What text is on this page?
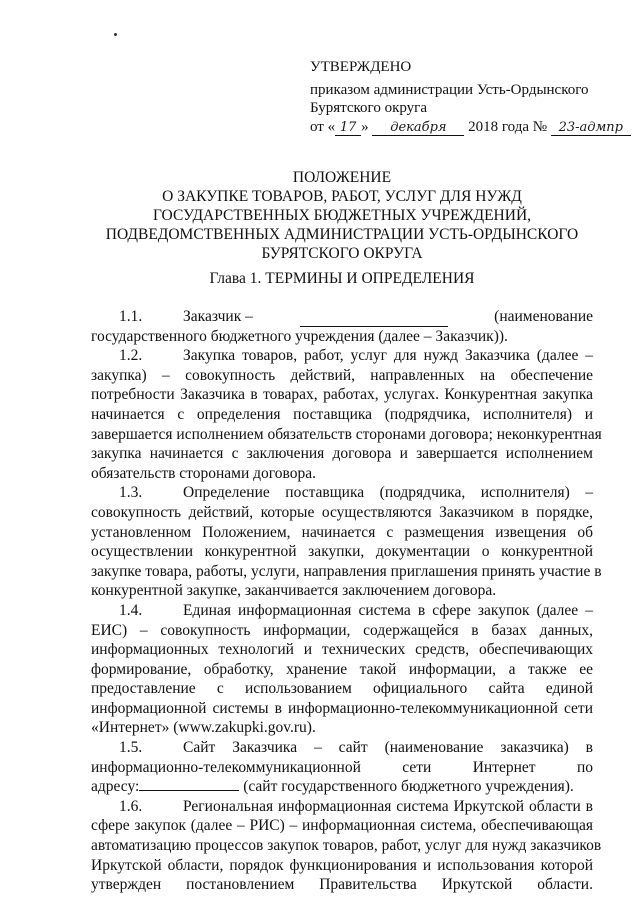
УТВЕРЖДЕНО
приказом администрации Усть-Ордынского
Бурятского округа
от « 17 » декабря 2018 года № 23-адмпр
ПОЛОЖЕНИЕ
О ЗАКУПКЕ ТОВАРОВ, РАБОТ, УСЛУГ ДЛЯ НУЖД
ГОСУДАРСТВЕННЫХ БЮДЖЕТНЫХ УЧРЕЖДЕНИЙ,
ПОДВЕДОМСТВЕННЫХ АДМИНИСТРАЦИИ УСТЬ-ОРДЫНСКОГО
БУРЯТСКОГО ОКРУГА
Глава 1. ТЕРМИНЫ И ОПРЕДЕЛЕНИЯ
1.1.	Заказчик –	(наименование
государственного бюджетного учреждения (далее – Заказчик)).
1.2.	Закупка товаров, работ, услуг для нужд Заказчика (далее –
закупка) – совокупность действий, направленных на обеспечение
потребности Заказчика в товарах, работах, услугах. Конкурентная закупка
начинается с определения поставщика (подрядчика, исполнителя) и
завершается исполнением обязательств сторонами договора; неконкурентная
закупка начинается с заключения договора и завершается исполнением
обязательств сторонами договора.
1.3.	Определение поставщика (подрядчика, исполнителя) –
совокупность действий, которые осуществляются Заказчиком в порядке,
установленном Положением, начинается с размещения извещения об
осуществлении конкурентной закупки, документации о конкурентной
закупке товара, работы, услуги, направления приглашения принять участие в
конкурентной закупке, заканчивается заключением договора.
1.4.	Единая информационная система в сфере закупок (далее –
ЕИС) – совокупность информации, содержащейся в базах данных,
информационных технологий и технических средств, обеспечивающих
формирование, обработку, хранение такой информации, а также ее
предоставление с использованием официального сайта единой
информационной системы в информационно-телекоммуникационной сети
«Интернет» (www.zakupki.gov.ru).
1.5.	Сайт Заказчика – сайт (наименование заказчика) в
информационно-телекоммуникационной	сети	Интернет	по
адресу:	(сайт государственного бюджетного учреждения).
1.6.	Региональная информационная система Иркутской области в
сфере закупок (далее – РИС) – информационная система, обеспечивающая
автоматизацию процессов закупок товаров, работ, услуг для нужд заказчиков
Иркутской области, порядок функционирования и использования которой
утвержден постановлением Правительства Иркутской области.
